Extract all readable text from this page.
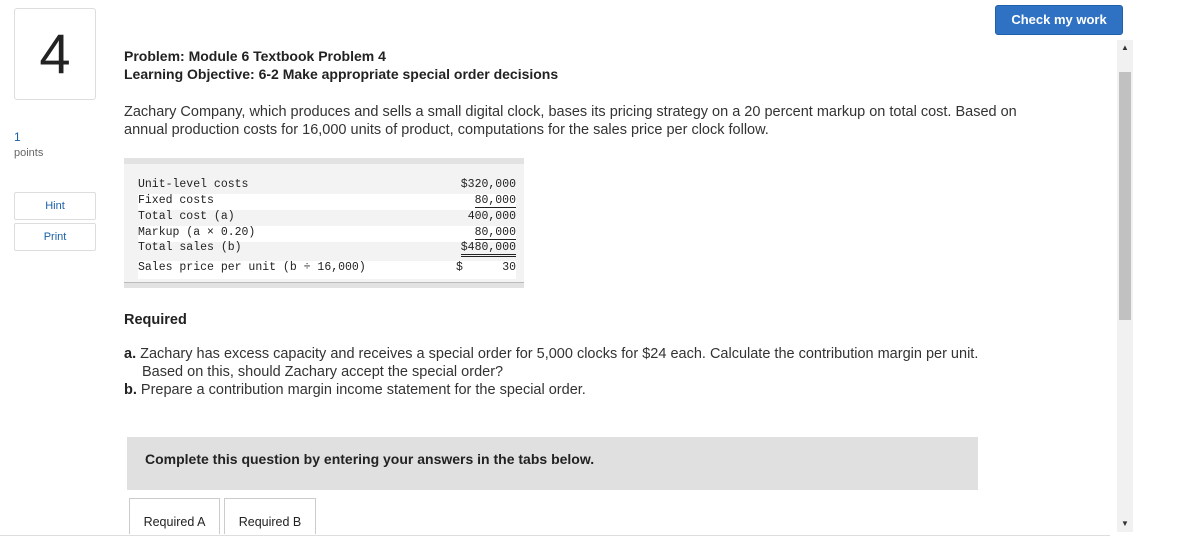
4
1
points
Hint
Print
Check my work
Problem: Module 6 Textbook Problem 4
Learning Objective: 6-2 Make appropriate special order decisions
Zachary Company, which produces and sells a small digital clock, bases its pricing strategy on a 20 percent markup on total cost. Based on annual production costs for 16,000 units of product, computations for the sales price per clock follow.
Unit-level costs	$320,000
Fixed costs	80,000
Total cost (a)	400,000
Markup (a × 0.20)	80,000
Total sales (b)	$480,000
Sales price per unit (b ÷ 16,000)	$	30
Required
a. Zachary has excess capacity and receives a special order for 5,000 clocks for $24 each. Calculate the contribution margin per unit.
Based on this, should Zachary accept the special order?
b. Prepare a contribution margin income statement for the special order.
Complete this question by entering your answers in the tabs below.
Required A	Required B
▲
▼
